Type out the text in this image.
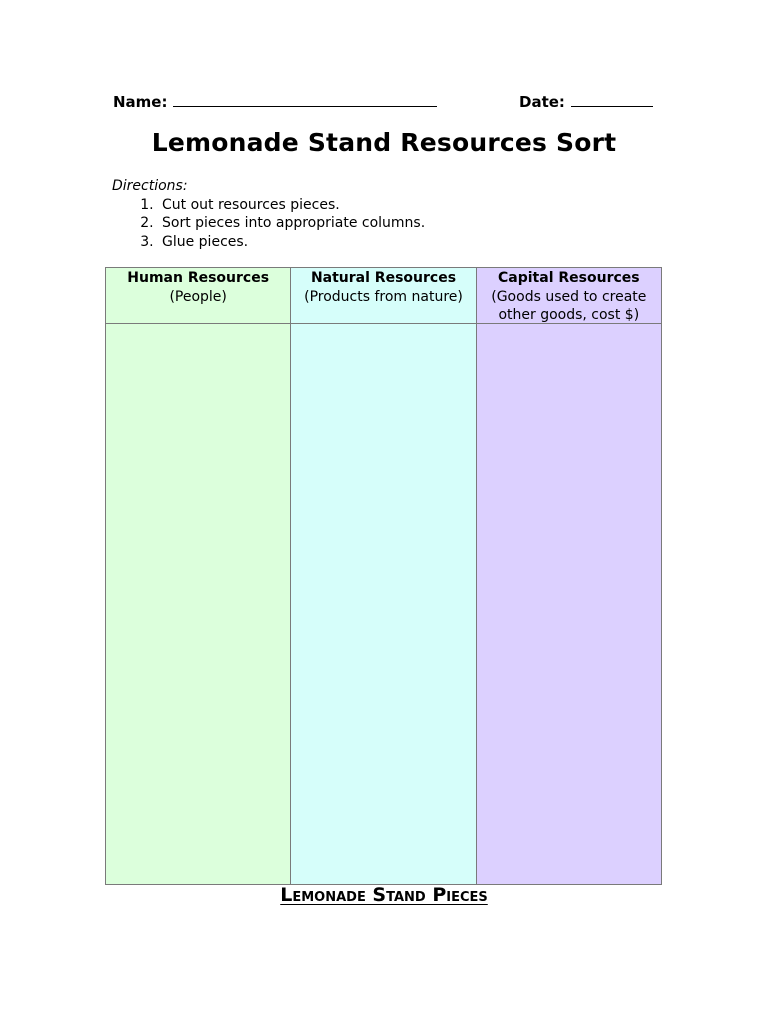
Name:	Date:
Lemonade Stand Resources Sort
Directions:
1. Cut out resources pieces.
2. Sort pieces into appropriate columns.
3. Glue pieces.
Human Resources
(People)
Natural Resources
(Products from nature)
Capital Resources
(Goods used to create other goods, cost $)
Lemonade Stand Pieces
